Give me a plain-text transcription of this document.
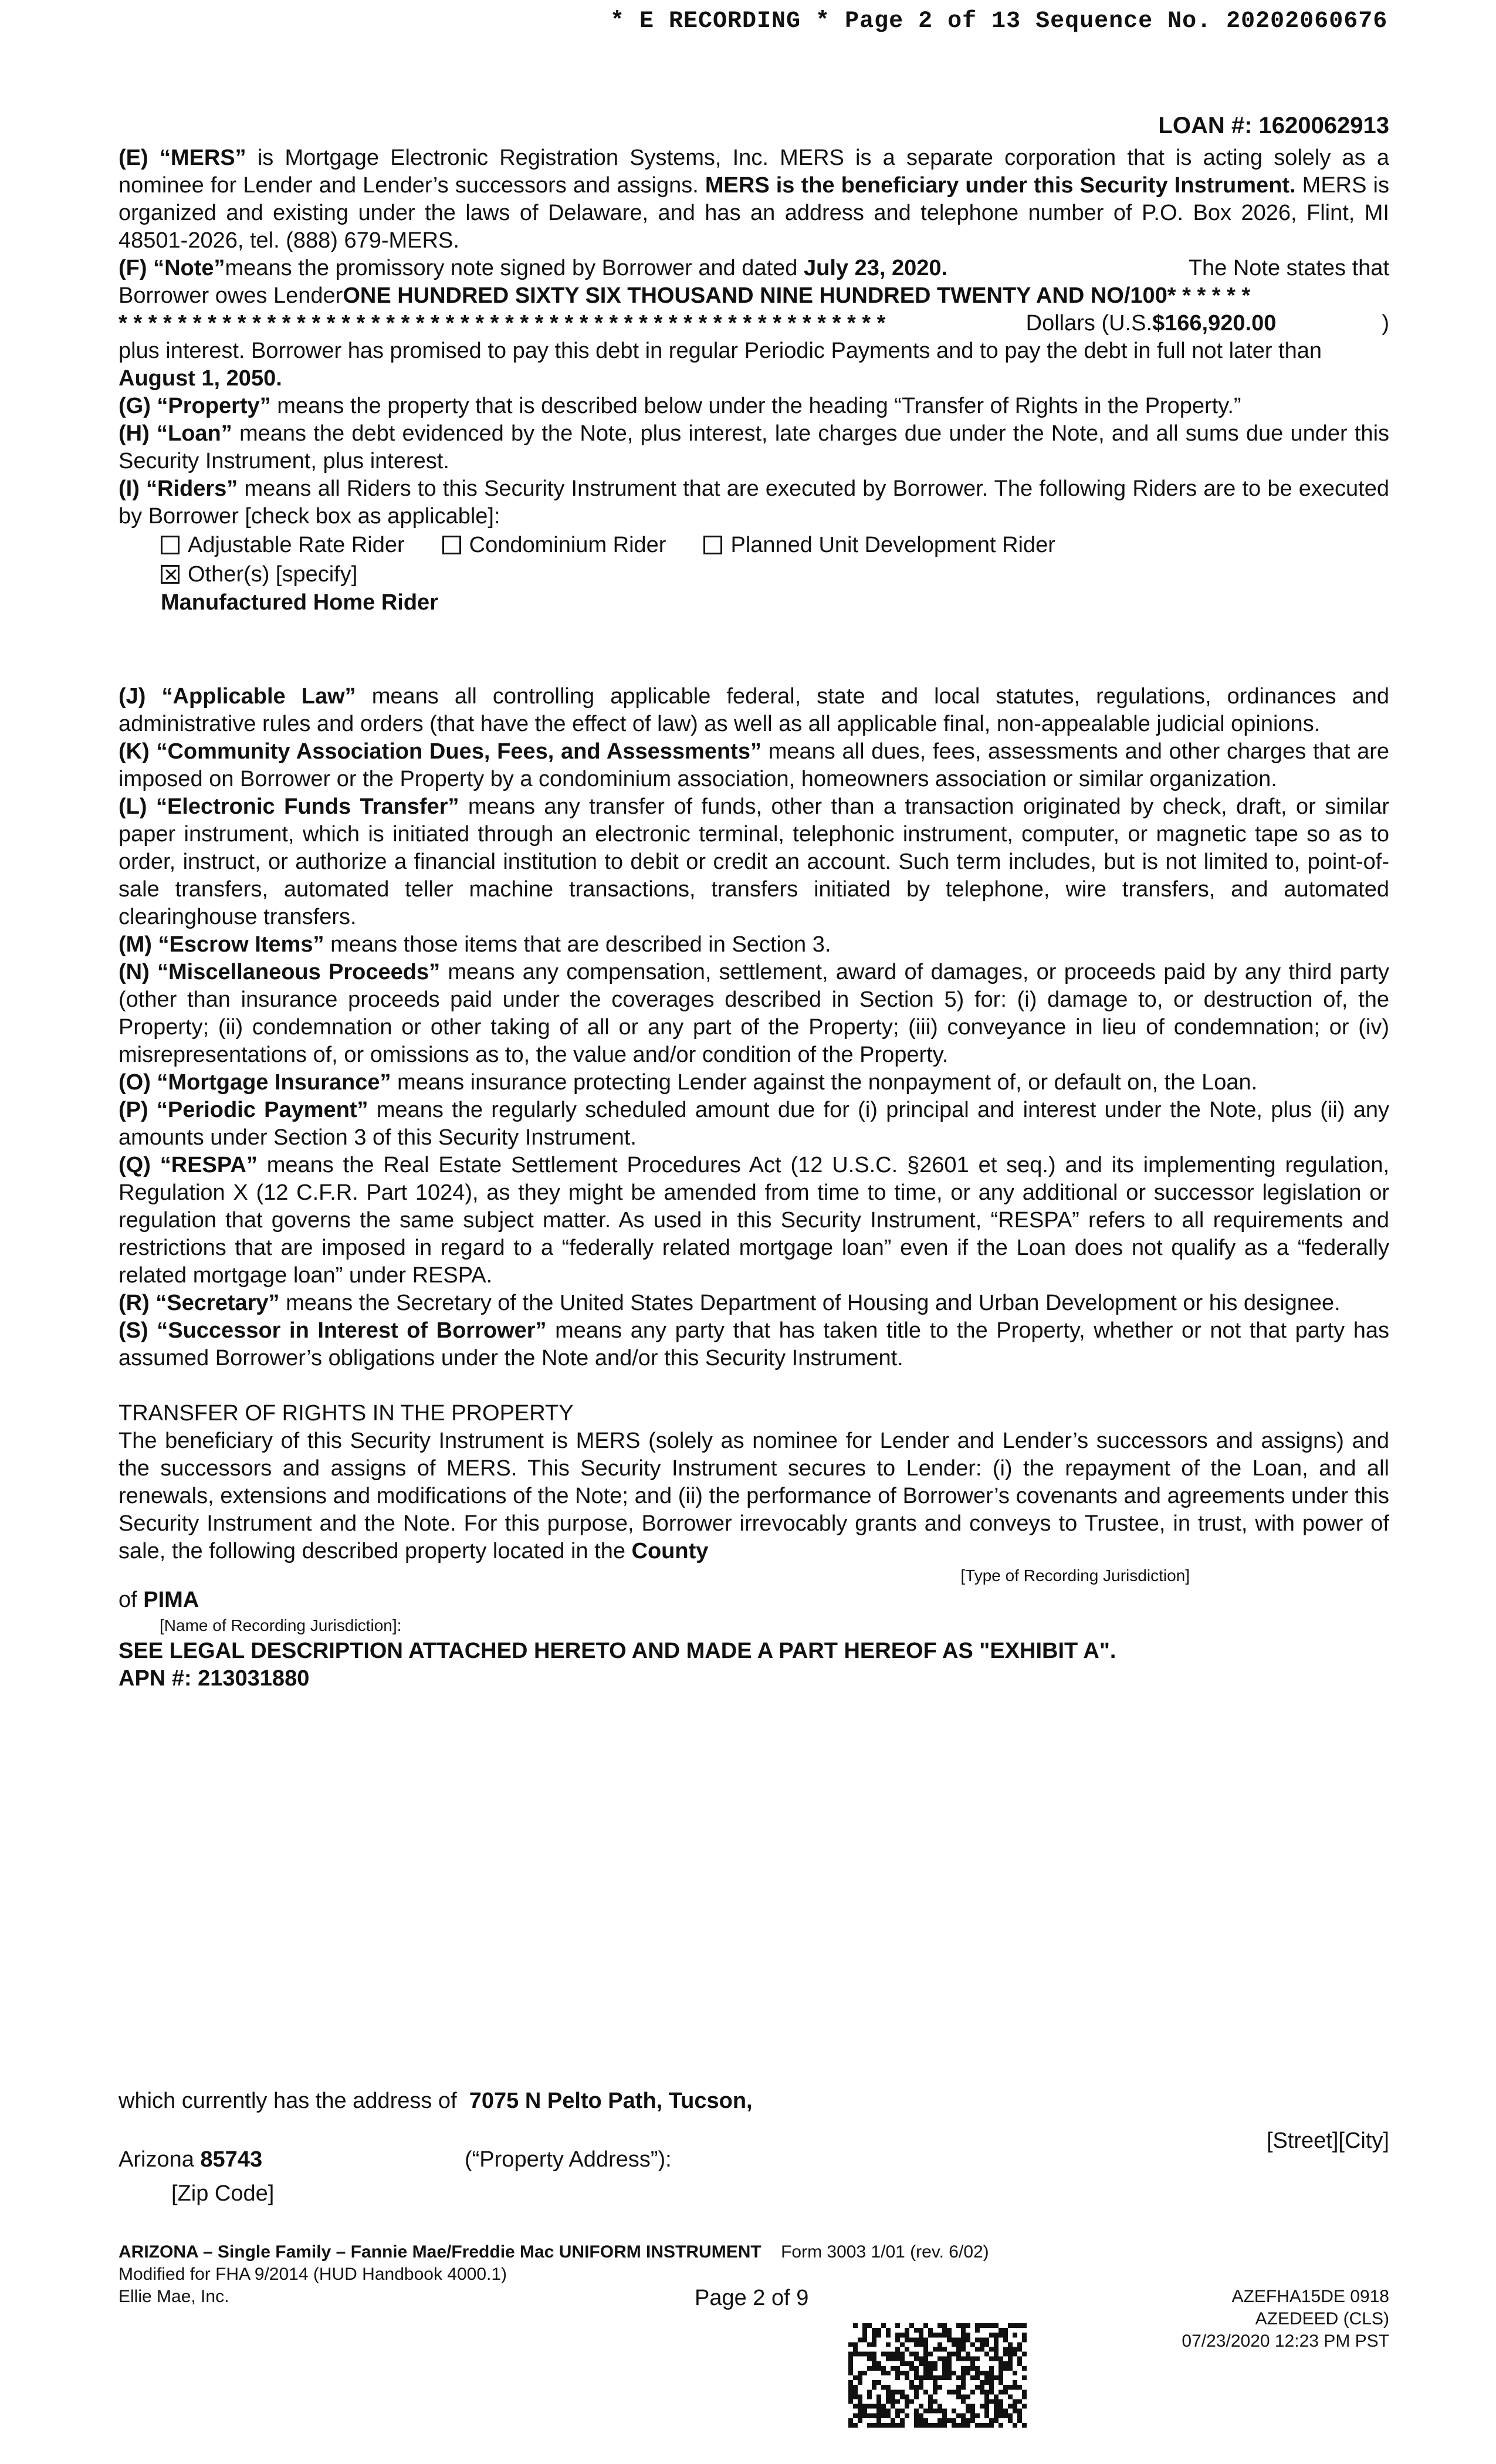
* E RECORDING * Page 2 of 13 Sequence No. 20202060676
LOAN #: 1620062913

(E) “MERS” is Mortgage Electronic Registration Systems, Inc. MERS is a separate corporation that is acting solely as a nominee for Lender and Lender’s successors and assigns. MERS is the beneficiary under this Security Instrument. MERS is organized and existing under the laws of Delaware, and has an address and telephone number of P.O. Box 2026, Flint, MI 48501-2026, tel. (888) 679-MERS.

(F) “Note” means the promissory note signed by Borrower and dated
July 23, 2020.	The Note states that
Borrower owes Lender ONE HUNDRED SIXTY SIX THOUSAND NINE HUNDRED TWENTY AND NO/100* * * * * *
* * * * * * * * * * * * * * * * * * * * * * * * * * * * * * * * * * * * * * * * * * * * * * * * * * * *	Dollars (U.S. $166,920.00	)

plus interest. Borrower has promised to pay this debt in regular Periodic Payments and to pay the debt in full not later than

August 1, 2050.

(G) “Property” means the property that is described below under the heading “Transfer of Rights in the Property.”

(H) “Loan” means the debt evidenced by the Note, plus interest, late charges due under the Note, and all sums due under this Security Instrument, plus interest.

(I) “Riders” means all Riders to this Security Instrument that are executed by Borrower. The following Riders are to be executed by Borrower [check box as applicable]:

Adjustable Rate Rider	Condominium Rider	Planned Unit Development Rider
Other(s) [specify]
Manufactured Home Rider

(J) “Applicable Law” means all controlling applicable federal, state and local statutes, regulations, ordinances and administrative rules and orders (that have the effect of law) as well as all applicable final, non-appealable judicial opinions.

(K) “Community Association Dues, Fees, and Assessments” means all dues, fees, assessments and other charges that are imposed on Borrower or the Property by a condominium association, homeowners association or similar organization.

(L) “Electronic Funds Transfer” means any transfer of funds, other than a transaction originated by check, draft, or similar paper instrument, which is initiated through an electronic terminal, telephonic instrument, computer, or magnetic tape so as to order, instruct, or authorize a financial institution to debit or credit an account. Such term includes, but is not limited to, point-of-sale transfers, automated teller machine transactions, transfers initiated by telephone, wire transfers, and automated clearinghouse transfers.

(M) “Escrow Items” means those items that are described in Section 3.

(N) “Miscellaneous Proceeds” means any compensation, settlement, award of damages, or proceeds paid by any third party (other than insurance proceeds paid under the coverages described in Section 5) for: (i) damage to, or destruction of, the Property; (ii) condemnation or other taking of all or any part of the Property; (iii) conveyance in lieu of condemnation; or (iv) misrepresentations of, or omissions as to, the value and/or condition of the Property.

(O) “Mortgage Insurance” means insurance protecting Lender against the nonpayment of, or default on, the Loan.

(P) “Periodic Payment” means the regularly scheduled amount due for (i) principal and interest under the Note, plus (ii) any amounts under Section 3 of this Security Instrument.

(Q) “RESPA” means the Real Estate Settlement Procedures Act (12 U.S.C. §2601 et seq.) and its implementing regulation, Regulation X (12 C.F.R. Part 1024), as they might be amended from time to time, or any additional or successor legislation or regulation that governs the same subject matter. As used in this Security Instrument, “RESPA” refers to all requirements and restrictions that are imposed in regard to a “federally related mortgage loan” even if the Loan does not qualify as a “federally related mortgage loan” under RESPA.

(R) “Secretary” means the Secretary of the United States Department of Housing and Urban Development or his designee.

(S) “Successor in Interest of Borrower” means any party that has taken title to the Property, whether or not that party has assumed Borrower’s obligations under the Note and/or this Security Instrument.

TRANSFER OF RIGHTS IN THE PROPERTY

The beneficiary of this Security Instrument is MERS (solely as nominee for Lender and Lender’s successors and assigns) and the successors and assigns of MERS. This Security Instrument secures to Lender: (i) the repayment of the Loan, and all renewals, extensions and modifications of the Note; and (ii) the performance of Borrower’s covenants and agreements under this Security Instrument and the Note. For this purpose, Borrower irrevocably grants and conveys to Trustee, in trust, with power of sale, the following described property located in the County

[Type of Recording Jurisdiction]

of PIMA

[Name of Recording Jurisdiction]:

SEE LEGAL DESCRIPTION ATTACHED HERETO AND MADE A PART HEREOF AS "EXHIBIT A".

APN #: 213031880

which currently has the address of  7075 N Pelto Path, Tucson,
[Street][City]
Arizona 85743	(“Property Address”):
[Zip Code]
ARIZONA – Single Family – Fannie Mae/Freddie Mac UNIFORM INSTRUMENT Form 3003 1/01 (rev. 6/02)
Modified for FHA 9/2014 (HUD Handbook 4000.1)
Ellie Mae, Inc.	Page 2 of 9	AZEFHA15DE 0918
AZEDEED (CLS)
07/23/2020 12:23 PM PST
